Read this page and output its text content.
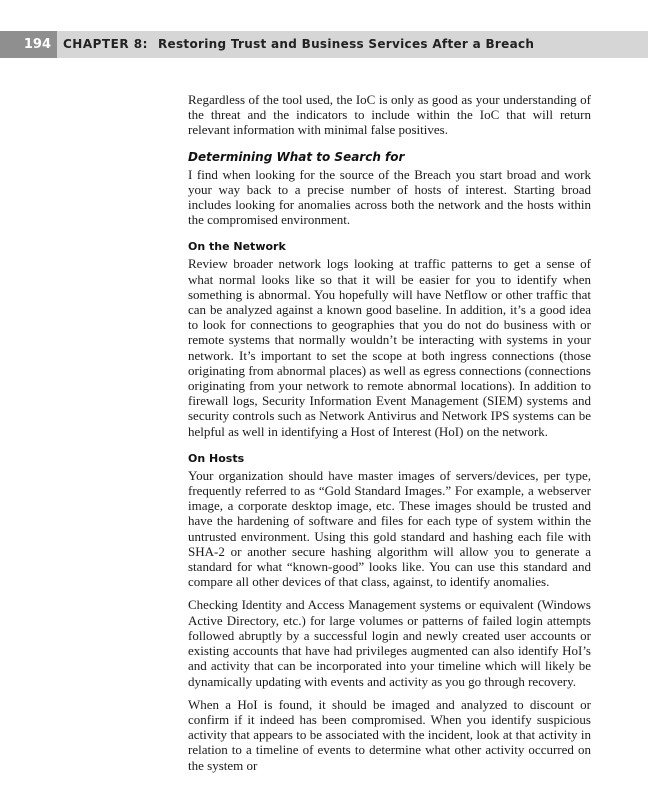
194	CHAPTER 8: Restoring Trust and Business Services After a Breach

Regardless of the tool used, the IoC is only as good as your understanding of the threat and the indicators to include within the IoC that will return relevant information with minimal false positives.

Determining What to Search for

I find when looking for the source of the Breach you start broad and work your way back to a precise number of hosts of interest. Starting broad includes looking for anomalies across both the network and the hosts within the compromised environment.

On the Network

Review broader network logs looking at traffic patterns to get a sense of what normal looks like so that it will be easier for you to identify when something is abnormal. You hopefully will have Netflow or other traffic that can be analyzed against a known good baseline. In addition, it’s a good idea to look for connections to geographies that you do not do business with or remote systems that normally wouldn’t be interacting with systems in your network. It’s important to set the scope at both ingress connections (those originating from abnormal places) as well as egress connections (connections originating from your network to remote abnormal locations). In addition to firewall logs, Security Information Event Management (SIEM) systems and security controls such as Network Antivirus and Network IPS systems can be helpful as well in identifying a Host of Interest (HoI) on the network.

On Hosts

Your organization should have master images of servers/devices, per type, frequently referred to as “Gold Standard Images.” For example, a webserver image, a corporate desktop image, etc. These images should be trusted and have the hardening of software and files for each type of system within the untrusted environment. Using this gold standard and hashing each file with SHA-2 or another secure hashing algorithm will allow you to generate a standard for what “known-good” looks like. You can use this standard and compare all other devices of that class, against, to identify anomalies.

Checking Identity and Access Management systems or equivalent (Windows Active Directory, etc.) for large volumes or patterns of failed login attempts followed abruptly by a successful login and newly created user accounts or existing accounts that have had privileges augmented can also identify HoI’s and activity that can be incorporated into your timeline which will likely be dynamically updating with events and activity as you go through recovery.

When a HoI is found, it should be imaged and analyzed to discount or confirm if it indeed has been compromised. When you identify suspicious activity that appears to be associated with the incident, look at that activity in relation to a timeline of events to determine what other activity occurred on the system or
